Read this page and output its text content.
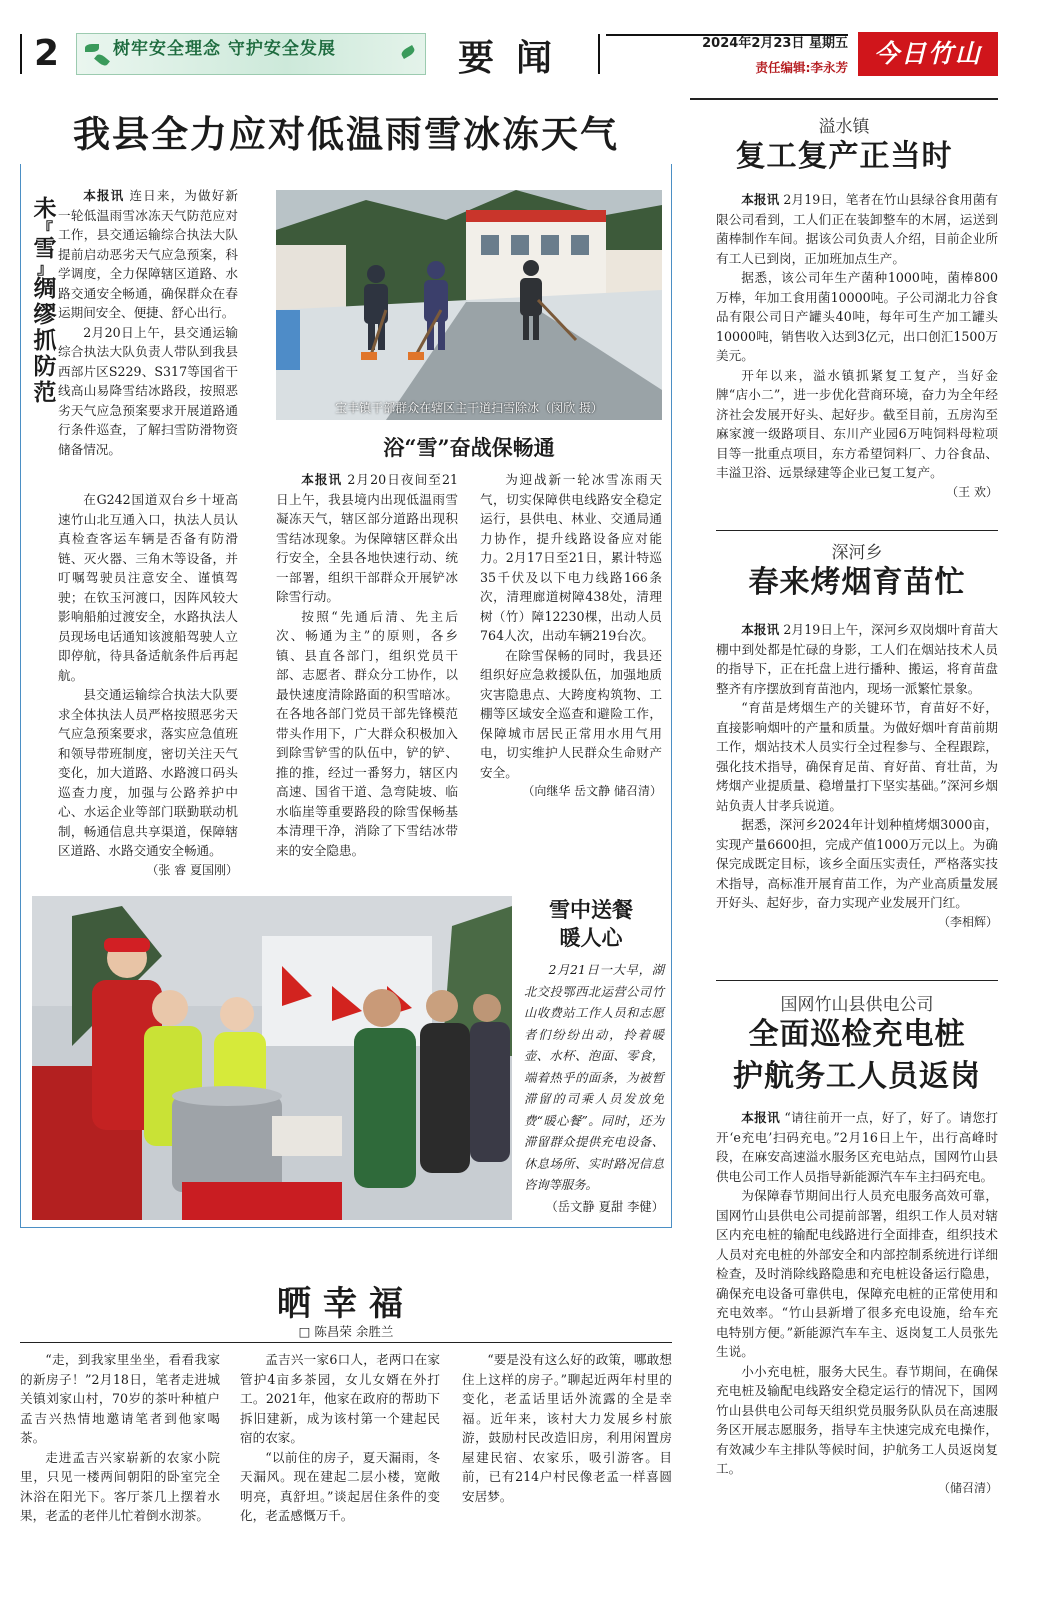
2	树牢安全理念 守护安全发展	要闻	2024年2月23日 星期五
责任编辑:李永芳	今日竹山
我县全力应对低温雨雪冰冻天气
未
『
雪
』
绸
缪
抓
防
范

本报讯 连日来，为做好新一轮低温雨雪冰冻天气防范应对工作，县交通运输综合执法大队提前启动恶劣天气应急预案，科学调度，全力保障辖区道路、水路交通安全畅通，确保群众在春运期间安全、便捷、舒心出行。

2月20日上午，县交通运输综合执法大队负责人带队到我县西部片区S229、S317等国省干线高山易降雪结冰路段，按照恶劣天气应急预案要求开展道路通行条件巡查，了解扫雪防滑物资储备情况。

在G242国道双台乡十垭高速竹山北互通入口，执法人员认真检查客运车辆是否备有防滑链、灭火器、三角木等设备，并叮嘱驾驶员注意安全、谨慎驾驶；在钦玉河渡口，因阵风较大影响船舶过渡安全，水路执法人员现场电话通知该渡船驾驶人立即停航，待具备适航条件后再起航。

县交通运输综合执法大队要求全体执法人员严格按照恶劣天气应急预案要求，落实应急值班和领导带班制度，密切关注天气变化，加大道路、水路渡口码头巡查力度，加强与公路养护中心、水运企业等部门联勤联动机制，畅通信息共享渠道，保障辖区道路、水路交通安全畅通。

（张 睿 夏国刚）

宝丰镇干部群众在辖区主干道扫雪除冰（闵欣 摄）
浴“雪”奋战保畅通

本报讯 2月20日夜间至21日上午，我县境内出现低温雨雪凝冻天气，辖区部分道路出现积雪结冰现象。为保障辖区群众出行安全，全县各地快速行动、统一部署，组织干部群众开展铲冰除雪行动。

按照“先通后清、先主后次、畅通为主”的原则，各乡镇、县直各部门，组织党员干部、志愿者、群众分工协作，以最快速度清除路面的积雪暗冰。在各地各部门党员干部先锋模范带头作用下，广大群众积极加入到除雪铲雪的队伍中，铲的铲、推的推，经过一番努力，辖区内高速、国省干道、急弯陡坡、临水临崖等重要路段的除雪保畅基本清理干净，消除了下雪结冰带来的安全隐患。

为迎战新一轮冰雪冻雨天气，切实保障供电线路安全稳定运行，县供电、林业、交通局通力协作，提升线路设备应对能力。2月17日至21日，累计特巡35千伏及以下电力线路166条次，清理廊道树障438处，清理树（竹）障12230棵，出动人员764人次，出动车辆219台次。

在除雪保畅的同时，我县还组织好应急救援队伍，加强地质灾害隐患点、大跨度构筑物、工棚等区域安全巡查和避险工作，保障城市居民正常用水用气用电，切实维护人民群众生命财产安全。

（向继华 岳文静 储召清）

雪中送餐
暖人心
2月21日一大早，湖北交投鄂西北运营公司竹山收费站工作人员和志愿者们纷纷出动，拎着暖壶、水杯、泡面、零食，端着热乎的面条，为被暂滞留的司乘人员发放免费“暖心餐”。同时，还为滞留群众提供充电设备、休息场所、实时路况信息咨询等服务。
（岳文静 夏甜 李健）
晒幸福
□ 陈昌荣 余胜兰

“走，到我家里坐坐，看看我家的新房子！”2月18日，笔者走进城关镇刘家山村，70岁的茶叶种植户孟吉兴热情地邀请笔者到他家喝茶。

走进孟吉兴家崭新的农家小院里，只见一楼两间朝阳的卧室完全沐浴在阳光下。客厅茶几上摆着水果，老孟的老伴儿忙着倒水沏茶。

孟吉兴一家6口人，老两口在家管护4亩多茶园，女儿女婿在外打工。2021年，他家在政府的帮助下拆旧建新，成为该村第一个建起民宿的农家。

“以前住的房子，夏天漏雨，冬天漏风。现在建起二层小楼，宽敞明亮，真舒坦。”谈起居住条件的变化，老孟感慨万千。

“要是没有这么好的政策，哪敢想住上这样的房子。”聊起近两年村里的变化，老孟话里话外流露的全是幸福。近年来，该村大力发展乡村旅游，鼓励村民改造旧房，利用闲置房屋建民宿、农家乐，吸引游客。目前，已有214户村民像老孟一样喜圆安居梦。

溢水镇
复工复产正当时

本报讯 2月19日，笔者在竹山县绿谷食用菌有限公司看到，工人们正在装卸整车的木屑，运送到菌棒制作车间。据该公司负责人介绍，目前企业所有工人已到岗，正加班加点生产。

据悉，该公司年生产菌种1000吨，菌棒800万棒，年加工食用菌10000吨。子公司湖北力谷食品有限公司日产罐头40吨，每年可生产加工罐头10000吨，销售收入达到3亿元，出口创汇1500万美元。

开年以来，溢水镇抓紧复工复产，当好金牌“店小二”，进一步优化营商环境，奋力为全年经济社会发展开好头、起好步。截至目前，五房沟至麻家渡一级路项目、东川产业园6万吨饲料母粒项目等一批重点项目，东方希望饲料厂、力谷食品、丰溢卫浴、远景绿建等企业已复工复产。

（王 欢）

深河乡
春来烤烟育苗忙

本报讯 2月19日上午，深河乡双岗烟叶育苗大棚中到处都是忙碌的身影，工人们在烟站技术人员的指导下，正在托盘上进行播种、搬运，将育苗盘整齐有序摆放到育苗池内，现场一派繁忙景象。

“育苗是烤烟生产的关键环节，育苗好不好，直接影响烟叶的产量和质量。为做好烟叶育苗前期工作，烟站技术人员实行全过程参与、全程跟踪，强化技术指导，确保育足苗、育好苗、育壮苗，为烤烟产业提质量、稳增量打下坚实基础。”深河乡烟站负责人甘孝兵说道。

据悉，深河乡2024年计划种植烤烟3000亩，实现产量6600担，完成产值1000万元以上。为确保完成既定目标，该乡全面压实责任，严格落实技术指导，高标准开展育苗工作，为产业高质量发展开好头、起好步，奋力实现产业发展开门红。

（李相辉）

国网竹山县供电公司
全面巡检充电桩
护航务工人员返岗

本报讯 “请往前开一点，好了，好了。请您打开‘e充电’扫码充电。”2月16日上午，出行高峰时段，在麻安高速溢水服务区充电站点，国网竹山县供电公司工作人员指导新能源汽车车主扫码充电。

为保障春节期间出行人员充电服务高效可靠，国网竹山县供电公司提前部署，组织工作人员对辖区内充电桩的输配电线路进行全面排查，组织技术人员对充电桩的外部安全和内部控制系统进行详细检查，及时消除线路隐患和充电桩设备运行隐患，确保充电设备可靠供电，保障充电桩的正常使用和充电效率。“竹山县新增了很多充电设施，给车充电特别方便。”新能源汽车车主、返岗复工人员张先生说。

小小充电桩，服务大民生。春节期间，在确保充电桩及输配电线路安全稳定运行的情况下，国网竹山县供电公司每天组织党员服务队队员在高速服务区开展志愿服务，指导车主快速完成充电操作，有效减少车主排队等候时间，护航务工人员返岗复工。

（储召清）
